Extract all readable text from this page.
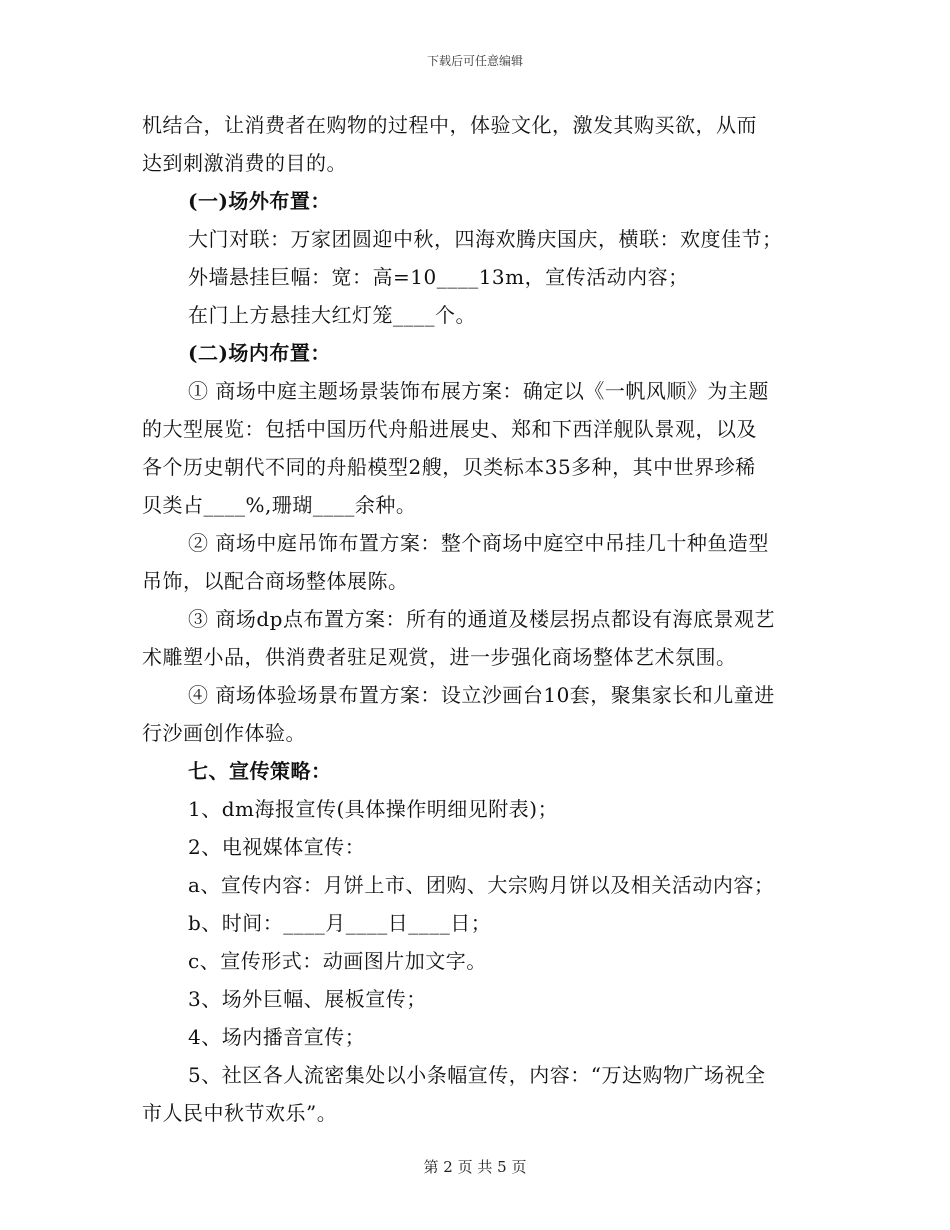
下载后可任意编辑
机结合，让消费者在购物的过程中，体验文化，激发其购买欲，从而
达到刺激消费的目的。
(一)场外布置：
大门对联：万家团圆迎中秋，四海欢腾庆国庆，横联：欢度佳节；
外墙悬挂巨幅：宽：高=10____13m，宣传活动内容；
在门上方悬挂大红灯笼____个。
(二)场内布置：
① 商场中庭主题场景装饰布展方案：确定以《一帆风顺》为主题
的大型展览：包括中国历代舟船进展史、郑和下西洋舰队景观，以及
各个历史朝代不同的舟船模型2艘，贝类标本35多种，其中世界珍稀
贝类占____%,珊瑚____余种。
② 商场中庭吊饰布置方案：整个商场中庭空中吊挂几十种鱼造型
吊饰，以配合商场整体展陈。
③ 商场dp点布置方案：所有的通道及楼层拐点都设有海底景观艺
术雕塑小品，供消费者驻足观赏，进一步强化商场整体艺术氛围。
④ 商场体验场景布置方案：设立沙画台10套，聚集家长和儿童进
行沙画创作体验。
七、宣传策略：
1、dm海报宣传(具体操作明细见附表)；
2、电视媒体宣传：
a、宣传内容：月饼上市、团购、大宗购月饼以及相关活动内容；
b、时间：____月____日____日；
c、宣传形式：动画图片加文字。
3、场外巨幅、展板宣传；
4、场内播音宣传；
5、社区各人流密集处以小条幅宣传，内容：“万达购物广场祝全
市人民中秋节欢乐”。
第 2 页 共 5 页
